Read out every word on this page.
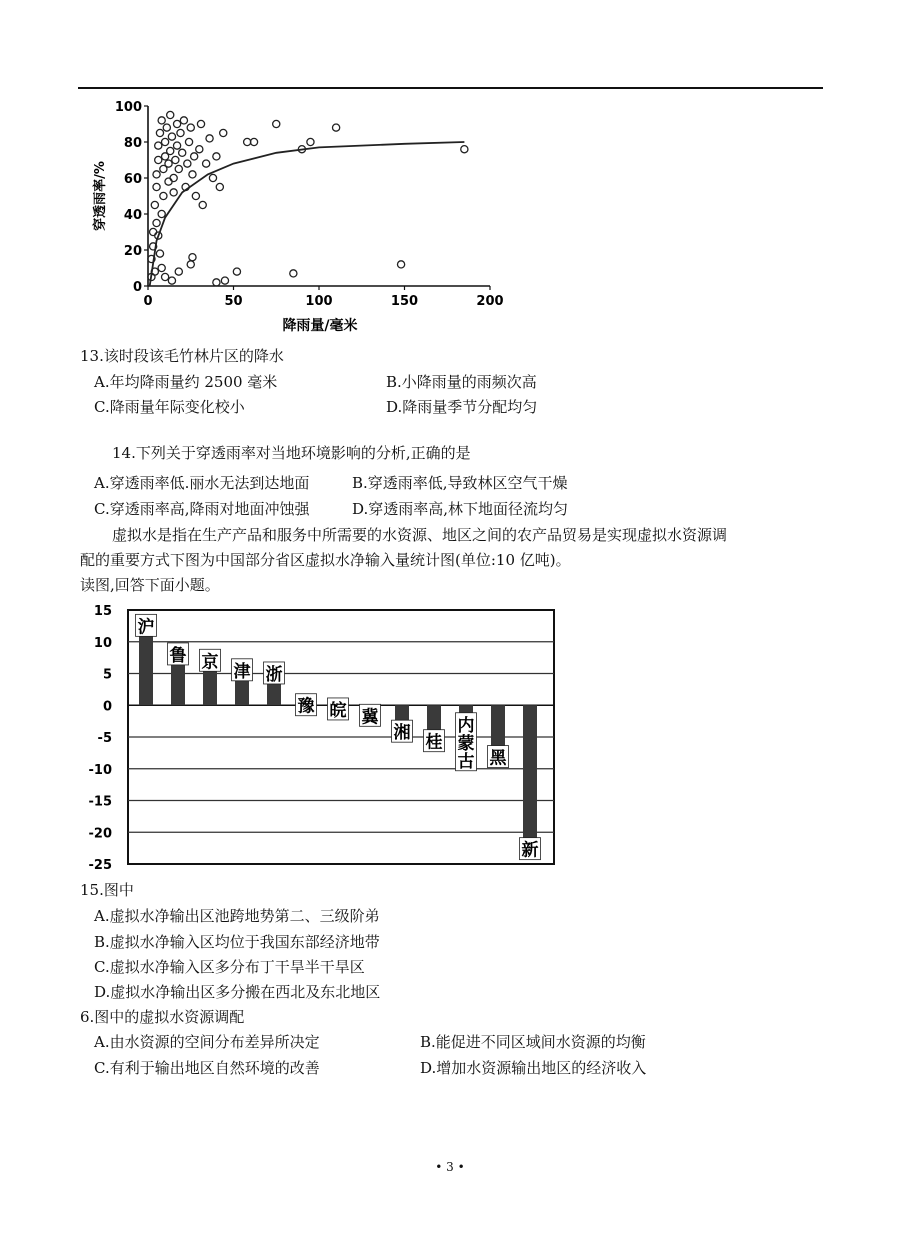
0	50	100	150	200
0
20
40
60
80
100
降雨量/毫米
穿透雨率/%
13.该时段该毛竹林片区的降水
A.年均降雨量约 2500 毫米	B.小降雨量的雨频次高
C.降雨量年际变化校小	D.降雨量季节分配均匀
14.下列关于穿透雨率对当地环境影响的分析,正确的是
A.穿透雨率低.丽水无法到达地面	B.穿透雨率低,导致林区空气干燥
C.穿透雨率高,降雨对地面冲蚀强	D.穿透雨率高,林下地面径流均匀
虚拟水是指在生产产品和服务中所需要的水资源、地区之间的农产品贸易是实现虚拟水资源调
配的重要方式下图为中国部分省区虚拟水净输入量统计图(单位:10 亿吨)。
读图,回答下面小题。
15
10
5
0
-5
-10
-15
-20
-25
沪
鲁 京 津 浙
豫 皖 冀
湘 桂
内
蒙
古 黑
新
15.图中
A.虚拟水净输出区池跨地势第二、三级阶弟
B.虚拟水净输入区均位于我国东部经济地带
C.虚拟水净输入区多分布丁干旱半干旱区
D.虚拟水净输出区多分搬在西北及东北地区
6.图中的虚拟水资源调配
A.由水资源的空间分布差异所决定	B.能促进不同区域间水资源的均衡
C.有利于输出地区自然环境的改善	D.增加水资源输出地区的经济收入
• 3 •
